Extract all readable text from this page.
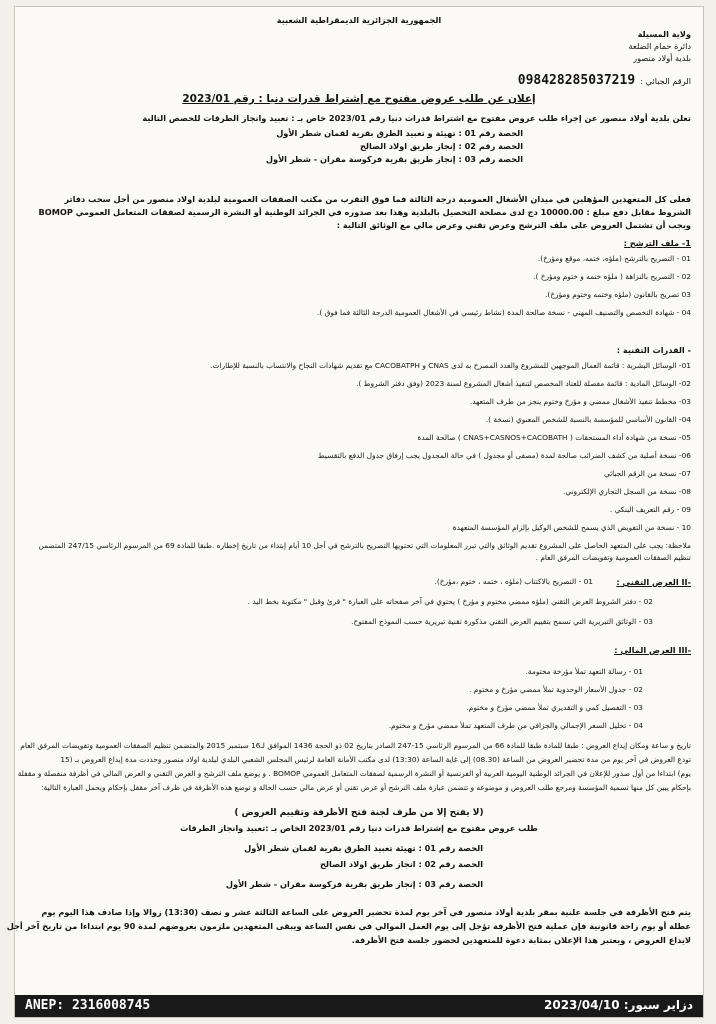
الجمهورية الجزائرية الديمقراطية الشعبية
ولاية المسيلة
دائرة حمام الضلعة
بلدية أولاد منصور
الرقم الجبائي : 098428285037219
إعلان عن طلب عروض مفتوح مع إشتراط قدرات دنيا : رقم 2023/01
تعلن بلدية أولاد منصور عن إجراء طلب عروض مفتوح مع اشتراط قدرات دنيا رقم 2023/01 خاص بـ : تعبيد وانجاز الطرقات للحصص التالية
الحصة رقم 01 : تهيئة و تعبيد الطرق بقرية لقمان شطر الأول
الحصة رقم 02 : إنجاز طريق اولاد الصالح
الحصة رقم 03 : إنجاز طريق بقرية فركوسة مقران - شطر الأول
فعلى كل المتعهدين المؤهلين في ميدان الأشغال العمومية درجة الثالثة فما فوق التقرب من مكتب الصفقات العمومية لبلدية اولاد منصور من أجل سحب دفاتر
الشروط مقابل دفع مبلغ : 10000.00 دج لدى مصلحة التحصيل بالبلدية وهذا بعد صدوره في الجرائد الوطنية أو النشرة الرسمية لصفقات المتعامل العمومي BOMOP
ويجب أن تشتمل العروض على ملف الترشح وعرض تقني وعرض مالي مع الوثائق التالية :
1- ملف الترشح :
01 - التصريح بالترشح (ملؤه، ختمه، موقع ومؤرخ).
02 - التصريح بالنزاهة ( ملؤه ختمه و ختوم ومؤرخ ).
03 تصريح بالقانون (ملؤه وختمه وختوم ومؤرخ).
04 - شهادة التخصص والتصنيف المهني - نسخة صالحة المدة (نشاط رئيسي في الأشغال العمومية الدرجة الثالثة فما فوق ).
- القدرات التقنية :
01- الوسائل البشرية : قائمة العمال الموجهين للمشروع والعدد المصرح به لدى CNAS و CACOBATPH مع تقديم شهادات النجاح والانتساب بالنسبة للإطارات.
02- الوسائل المادية : قائمة مفصلة للعتاد المخصص لتنفيذ أشغال المشروع لسنة 2023 (وفق دفتر الشروط ).
03- مخطط تنفيذ الأشغال ممضي و مؤرخ وختوم ينجز من طرف المتعهد.
04- القانون الأساسي للمؤسسة بالنسبة للشخص المعنوي (نسخة ).
05- نسخة من شهادة أداء المستحقات ( CNAS+CASNOS+CACOBATH ) صالحة المدة
06- نسخة أصلية من كشف الضرائب صالحة لمدة (مصفى أو مجدول ) في حالة المجدول يجب إرفاق جدول الدفع بالتقسيط
07- نسخة من الرقم الجبائي
08- نسخة من السجل التجاري الإلكتروني.
09 - رقم التعريف البنكي .
10 - نسخة من التفويض الذي يسمح للشخص الوكيل بإلزام المؤسسة المتعهدة
ملاحظة: يجب على المتعهد الحاصل على المشروع تقديم الوثائق والتي تبرر المعلومات التي تحتويها التصريح بالترشح في أجل 10 أيام إبتداء من تاريخ إخطاره .طبقا للمادة 69 من المرسوم الرئاسي 247/15 المتضمن
تنظيم الصفقات العمومية وتفويضات المرفق العام .
-II العرض التقني :
01 - التصريح بالاكتتاب (ملؤه ، ختمه ، ختوم ،مؤرخ).
02 - دفتر الشروط العرض التقني (ملؤه ممضي مختوم و مؤرخ ) يحتوي في آخر صفحاته على العبارة " قرئ وقبل " مكتوبة بخط اليد .
03 - الوثائق التبريرية التي تسمح بتقييم العرض التقني مذكورة تقنية تبريرية حسب النموذج المفتوح.
-III العرض المالي :
01 - رسالة التعهد تملأ مؤرخة مختومة.
02 - جدول الأسعار الوحدوية تملأ ممضي مؤرخ و مختوم .
03 - التفصيل كمي و التقديري تملأ ممضي مؤرخ و مختوم.
04 - تحليل السعر الإجمالي والجزافي من طرف المتعهد تملأ ممضي مؤرخ و مختوم.
تاريخ و ساعة ومكان إيداع العروض : طبقا للمادة طبقا للمادة 66 من المرسوم الرئاسي 15-247 الصادر بتاريخ 02 ذو الحجة 1436 الموافق لـ16 سبتمبر 2015 والمتضمن تنظيم الصفقات العمومية وتفويضات المرفق العام
تودع العروض في آخر يوم من مدة تحضير العروض من الساعة (08.30) إلى غاية الساعة (13:30) لدى مكتب الأمانة العامة لرئيس المجلس الشعبي البلدي لبلدية اولاد منصور وحددت مدة إيداع العروض بـ (15
يوم) ابتداءا من أول صدور للإعلان في الجرائد الوطنية اليومية العربية أو الفرنسية أو النشرة الرسمية لصفقات المتعامل العمومي BOMOP . و يوضع ملف الترشح و العرض التقني و العرض المالي في أظرفة منفصلة و مقفلة
بإحكام يبين كل منها تسمية المؤسسة ومرجع طلب العروض و موضوعه و تتضمن عبارة ملف الترشح أو عرض تقني أو عرض مالي حسب الحالة و توضع هذه الأظرفة في ظرف آخر مقفل بإحكام ويحمل العبارة التالية:
(لا يفتح إلا من طرف لجنة فتح الأظرفة وتقييم العروض )
طلب عروض مفتوح مع إشتراط قدرات دنيا رقم 2023/01 الخاص بـ :تعبيد وانجاز الطرقات
الحصة رقم 01 : تهيئة تعبيد الطرق بقرية لقمان شطر الأول
الحصة رقم 02 : انجاز طريق اولاد الصالح
الحصة رقم 03 : إنجاز طريق بقرية فركوسة مقران - شطر الأول
يتم فتح الأظرفة في جلسة علنية بمقر بلدية أولاد منصور في آخر يوم لمدة تحضير العروض على الساعة الثالثة عشر و نصف (13:30) زوالا وإذا صادف هذا اليوم يوم
عطلة أو يوم راحة قانونية فإن عملية فتح الأظرفة تؤجل إلى يوم العمل الموالي في نفس الساعة ويبقى المتعهدين ملزمون بعروضهم لمدة 90 يوم ابتداءا من تاريخ آخر أجل
لايداع العروض ، ويعتبر هذا الإعلان بمثابة دعوة للمتعهدين لحضور جلسة فتح الأظرفة.
ANEP: 2316008745	دزاير سبور: 2023/04/10
